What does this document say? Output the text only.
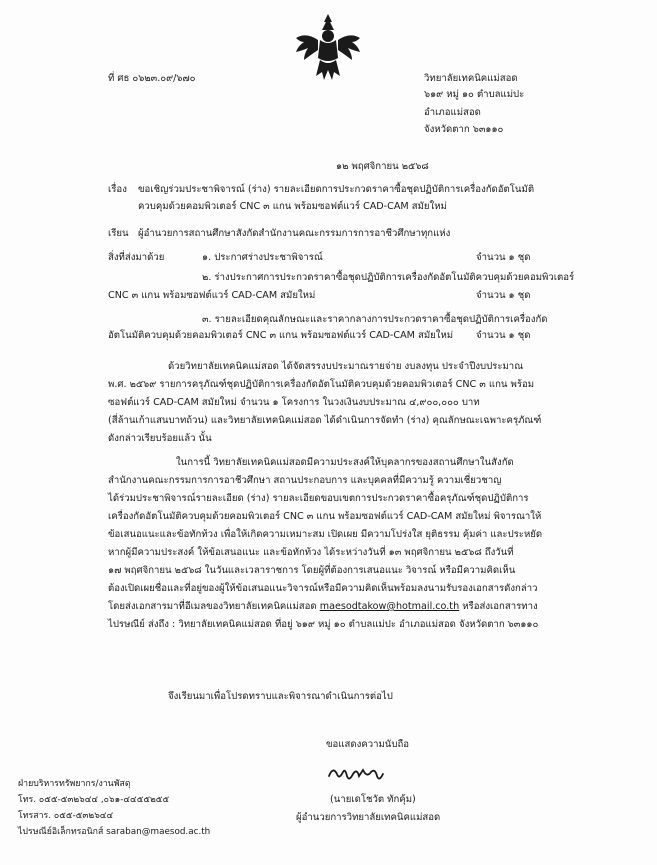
ที่ ศธ ๐๖๒๓.๐๙/๖๗๐	วิทยาลัยเทคนิคแม่สอด
๖๑๙ หมู่ ๑๐ ตำบลแม่ปะ
อำเภอแม่สอด
จังหวัดตาก ๖๓๑๑๐
๑๒ พฤศจิกายน ๒๕๖๘
เรื่อง ขอเชิญร่วมประชาพิจารณ์ (ร่าง) รายละเอียดการประกวดราคาซื้อชุดปฏิบัติการเครื่องกัดอัตโนมัติ
ควบคุมด้วยคอมพิวเตอร์ CNC ๓ แกน พร้อมซอฟต์แวร์ CAD-CAM สมัยใหม่
เรียน ผู้อำนวยการสถานศึกษาสังกัดสำนักงานคณะกรรมการการอาชีวศึกษาทุกแห่ง
สิ่งที่ส่งมาด้วย	๑. ประกาศร่างประชาพิจารณ์	จำนวน ๑ ชุด
๒. ร่างประกาศการประกวดราคาซื้อชุดปฏิบัติการเครื่องกัดอัตโนมัติควบคุมด้วยคอมพิวเตอร์
CNC ๓ แกน พร้อมซอฟต์แวร์ CAD-CAM สมัยใหม่	จำนวน ๑ ชุด
๓. รายละเอียดคุณลักษณะและราคากลางการประกวดราคาซื้อชุดปฏิบัติการเครื่องกัด
อัตโนมัติควบคุมด้วยคอมพิวเตอร์ CNC ๓ แกน พร้อมซอฟต์แวร์ CAD-CAM สมัยใหม่ จำนวน ๑ ชุด
ด้วยวิทยาลัยเทคนิคแม่สอด ได้จัดสรรงบประมาณรายจ่าย งบลงทุน ประจำปีงบประมาณ
พ.ศ. ๒๕๖๙ รายการครุภัณฑ์ชุดปฏิบัติการเครื่องกัดอัตโนมัติควบคุมด้วยคอมพิวเตอร์ CNC ๓ แกน พร้อม
ซอฟต์แวร์ CAD-CAM สมัยใหม่ จำนวน ๑ โครงการ ในวงเงินงบประมาณ ๔,๙๐๐,๐๐๐ บาท
(สี่ล้านเก้าแสนบาทถ้วน) และวิทยาลัยเทคนิคแม่สอด ได้ดำเนินการจัดทำ (ร่าง) คุณลักษณะเฉพาะครุภัณฑ์
ดังกล่าวเรียบร้อยแล้ว นั้น
ในการนี้ วิทยาลัยเทคนิคแม่สอดมีความประสงค์ให้บุคลากรของสถานศึกษาในสังกัด
สำนักงานคณะกรรมการการอาชีวศึกษา สถานประกอบการ และบุคคลที่มีความรู้ ความเชี่ยวชาญ
ได้ร่วมประชาพิจารณ์รายละเอียด (ร่าง) รายละเอียดขอบเขตการประกวดราคาซื้อครุภัณฑ์ชุดปฏิบัติการ
เครื่องกัดอัตโนมัติควบคุมด้วยคอมพิวเตอร์ CNC ๓ แกน พร้อมซอฟต์แวร์ CAD-CAM สมัยใหม่ พิจารณาให้
ข้อเสนอแนะและข้อทักท้วง เพื่อให้เกิดความเหมาะสม เปิดเผย มีความโปร่งใส ยุติธรรม คุ้มค่า และประหยัด
หากผู้มีความประสงค์ ให้ข้อเสนอแนะ และข้อทักท้วง ได้ระหว่างวันที่ ๑๓ พฤศจิกายน ๒๕๖๘ ถึงวันที่
๑๗ พฤศจิกายน ๒๕๖๘ ในวันและเวลาราชการ โดยผู้ที่ต้องการเสนอแนะ วิจารณ์ หรือมีความคิดเห็น
ต้องเปิดเผยชื่อและที่อยู่ของผู้ให้ข้อเสนอแนะวิจารณ์หรือมีความคิดเห็นพร้อมลงนามรับรองเอกสารดังกล่าว
โดยส่งเอกสารมาที่อีเมลของวิทยาลัยเทคนิคแม่สอด maesodtakow@hotmail.co.th หรือส่งเอกสารทาง
ไปรษณีย์ ส่งถึง : วิทยาลัยเทคนิคแม่สอด ที่อยู่ ๖๑๙ หมู่ ๑๐ ตำบลแม่ปะ อำเภอแม่สอด จังหวัดตาก ๖๓๑๑๐
จึงเรียนมาเพื่อโปรดทราบและพิจารณาดำเนินการต่อไป
ขอแสดงความนับถือ
(นายเดโชวัต ทักคุ้ม)
ผู้อำนวยการวิทยาลัยเทคนิคแม่สอด
ฝ่ายบริหารทรัพยากร/งานพัสดุ
โทร. ๐๕๕-๕๓๒๖๔๔ ,๐๖๑-๔๔๕๕๒๕๕
โทรสาร. ๐๕๕-๕๓๒๖๔๔
ไปรษณีย์อิเล็กทรอนิกส์ saraban@maesod.ac.th
